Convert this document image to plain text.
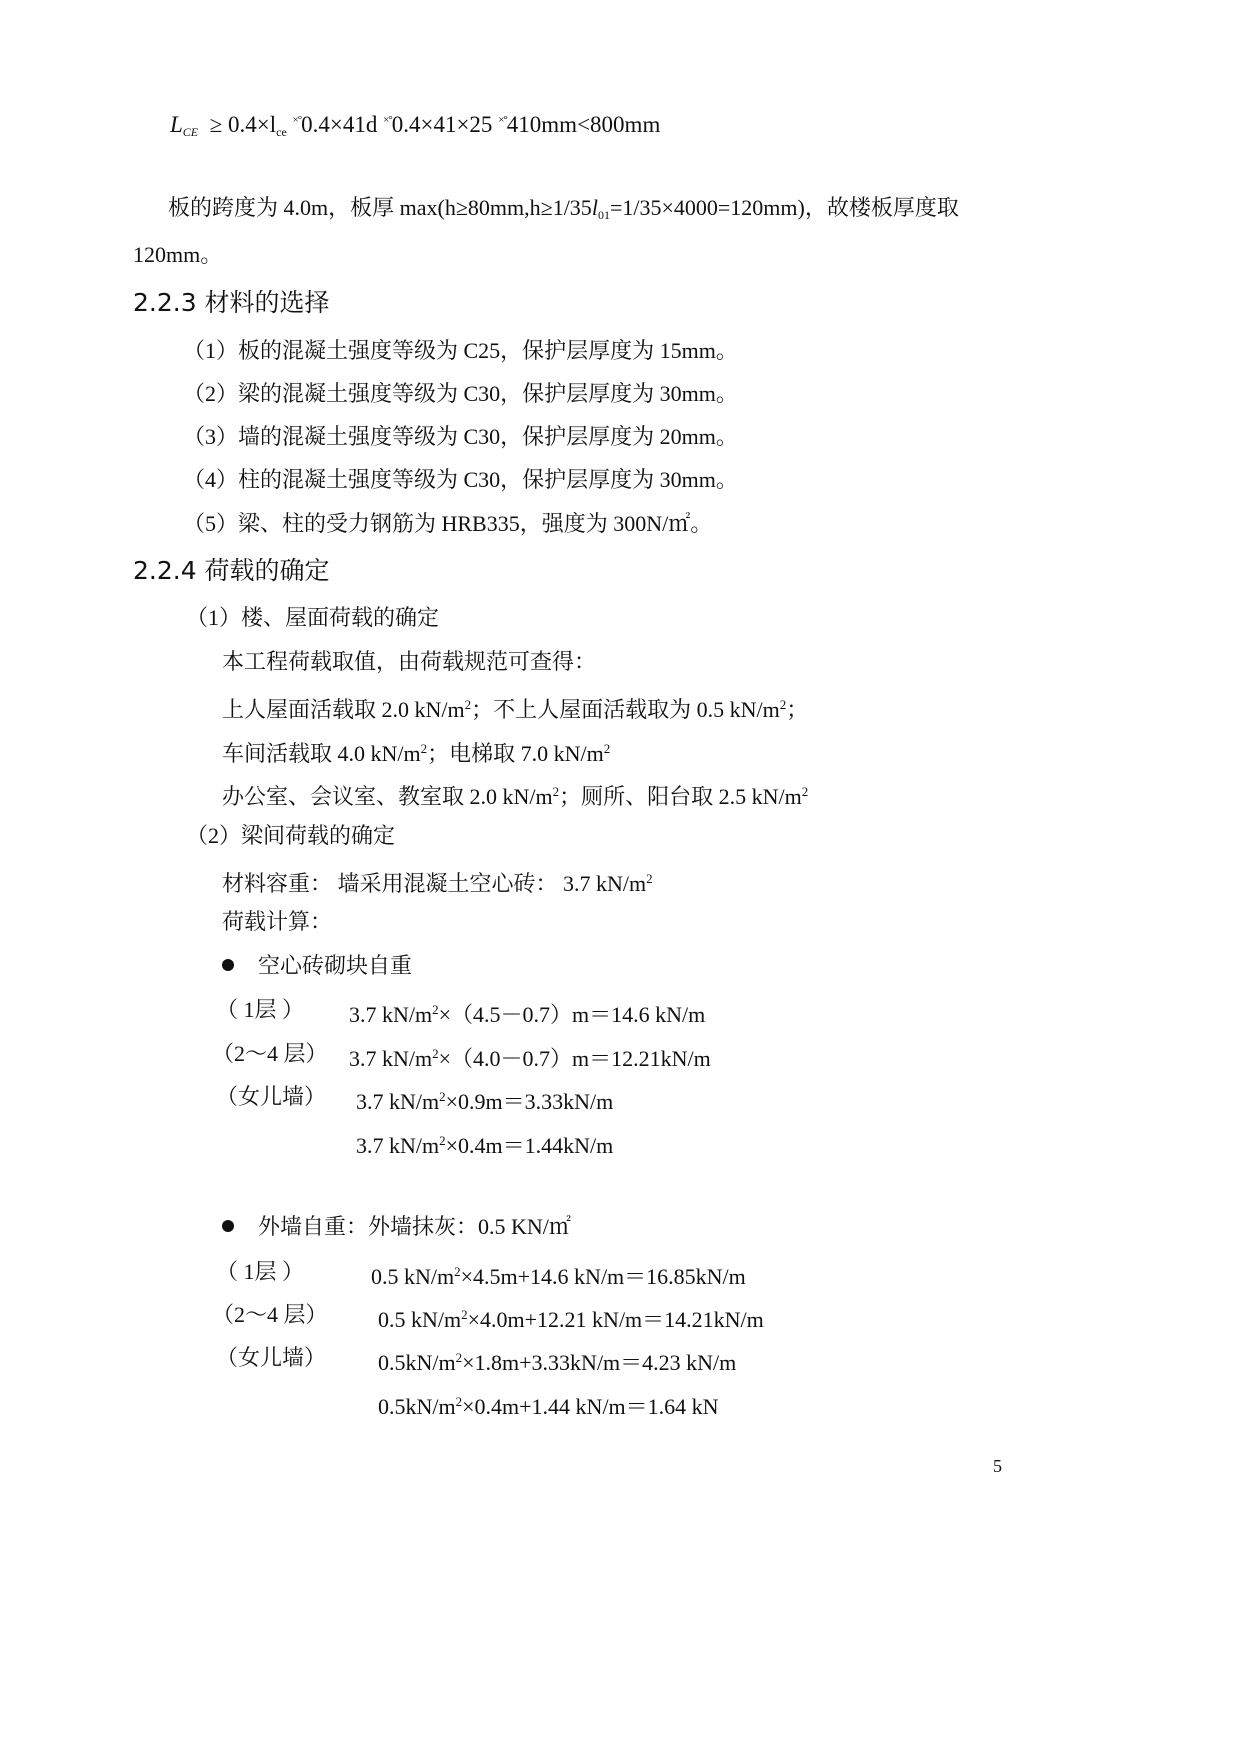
$L_{CE} \ge 0.4\times l_{ce}$ ×°0.4×41d ×°0.4×41×25 ×°410mm<800mm
板的跨度为 4.0m，板厚 $\max(h\ge 80mm,h\ge 1/35l_{01}=1/35\times 4000=120mm)$，故楼板厚度取
120mm。
2.2.3 材料的选择
（1）板的混凝土强度等级为 C25，保护层厚度为 15mm。
（2）梁的混凝土强度等级为 C30，保护层厚度为 30mm。
（3）墙的混凝土强度等级为 C30，保护层厚度为 20mm。
（4）柱的混凝土强度等级为 C30，保护层厚度为 30mm。
（5）梁、柱的受力钢筋为 HRB335，强度为 300N/㎡。
2.2.4 荷载的确定
（1）楼、屋面荷载的确定
本工程荷载取值，由荷载规范可查得：
上人屋面活载取 2.0 $kN/m^2$；不上人屋面活载取为 0.5 $kN/m^2$；
车间活载取 4.0 $kN/m^2$；电梯取 7.0 $kN/m^2$
办公室、会议室、教室取 2.0 $kN/m^2$；厕所、阳台取 2.5 $kN/m^2$
（2）梁间荷载的确定
材料容重： 墙采用混凝土空心砖： 3.7 $kN/m^2$
荷载计算：
空心砖砌块自重
（ 1层 ） 3.7 $kN/m^2\times(4.5-0.7)m=14.6$ kN/m
（2～4 层） 3.7 $kN/m^2\times(4.0-0.7)m=12.21kN/m$
（女儿墙） 3.7 $kN/m^2\times 0.9m=3.33kN/m$
3.7 $kN/m^2\times 0.4m=1.44kN/m$
外墙自重：外墙抹灰：0.5 KN/㎡
（ 1层 ）	0.5 $kN/m^2\times 4.5m+14.6$ kN/m＝16.85kN/m
（2～4 层） 0.5 $kN/m^2\times 4.0m+12.21$ kN/m＝14.21kN/m
（女儿墙） $0.5kN/m^2\times 1.8m+3.33kN/m=4.23$ kN/m
$0.5kN/m^2\times 0.4m+1.44$ kN/m＝1.64 kN
5
